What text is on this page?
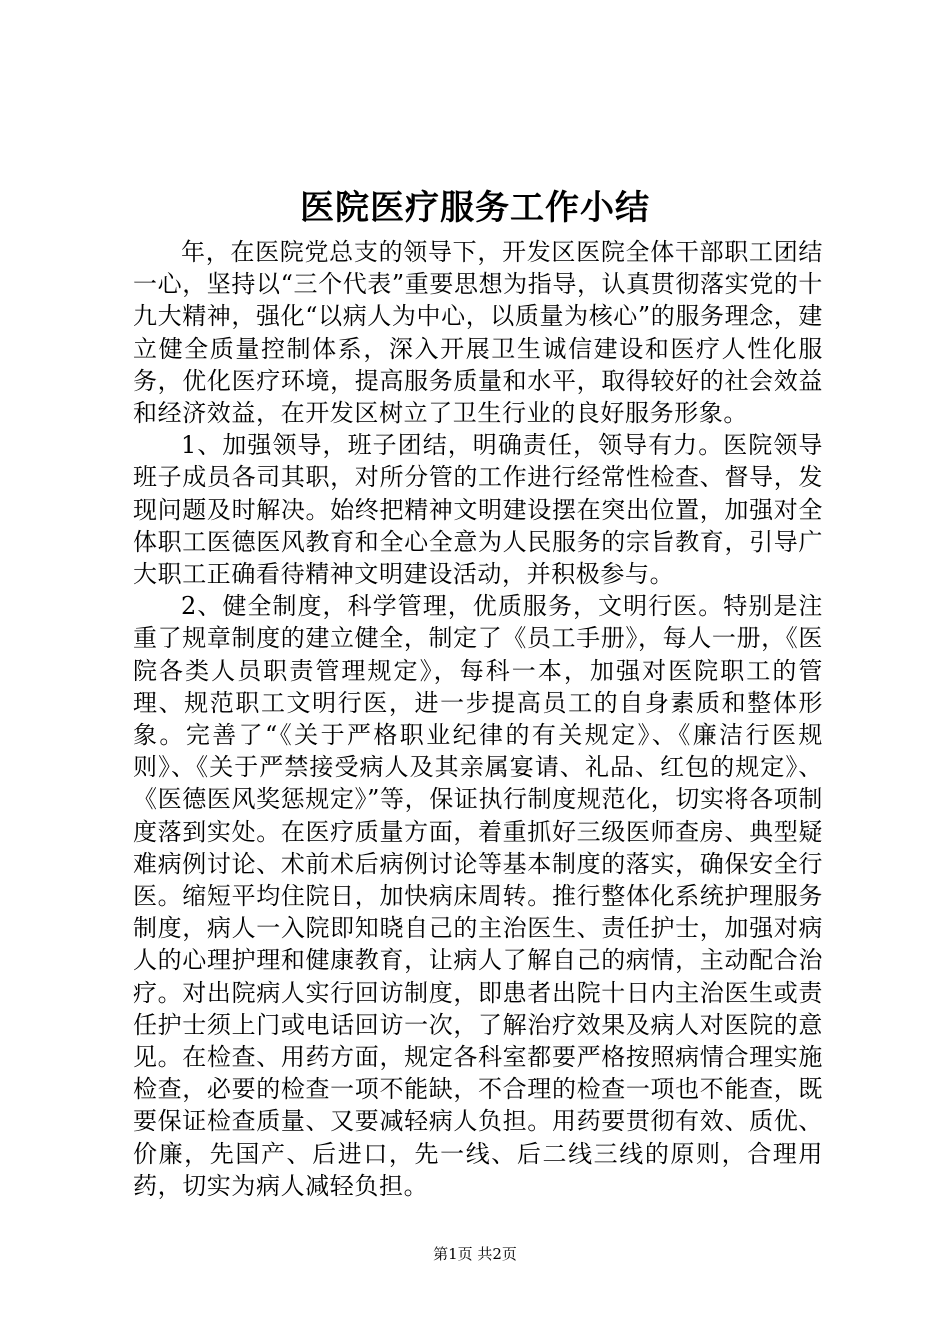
医院医疗服务工作小结

年，在医院党总支的领导下，开发区医院全体干部职工团结一心，坚持以“三个代表”重要思想为指导，认真贯彻落实党的十九大精神，强化“以病人为中心，以质量为核心”的服务理念，建立健全质量控制体系，深入开展卫生诚信建设和医疗人性化服务，优化医疗环境，提高服务质量和水平，取得较好的社会效益和经济效益，在开发区树立了卫生行业的良好服务形象。

1、加强领导，班子团结，明确责任，领导有力。医院领导班子成员各司其职，对所分管的工作进行经常性检查、督导，发现问题及时解决。始终把精神文明建设摆在突出位置，加强对全体职工医德医风教育和全心全意为人民服务的宗旨教育，引导广大职工正确看待精神文明建设活动，并积极参与。

2、健全制度，科学管理，优质服务，文明行医。特别是注重了规章制度的建立健全，制定了《员工手册》，每人一册，《医院各类人员职责管理规定》，每科一本，加强对医院职工的管理、规范职工文明行医，进一步提高员工的自身素质和整体形象。完善了“《关于严格职业纪律的有关规定》、《廉洁行医规则》、《关于严禁接受病人及其亲属宴请、礼品、红包的规定》、《医德医风奖惩规定》”等，保证执行制度规范化，切实将各项制度落到实处。在医疗质量方面，着重抓好三级医师查房、典型疑难病例讨论、术前术后病例讨论等基本制度的落实，确保安全行医。缩短平均住院日，加快病床周转。推行整体化系统护理服务制度，病人一入院即知晓自己的主治医生、责任护士，加强对病人的心理护理和健康教育，让病人了解自己的病情，主动配合治疗。对出院病人实行回访制度，即患者出院十日内主治医生或责任护士须上门或电话回访一次，了解治疗效果及病人对医院的意见。在检查、用药方面，规定各科室都要严格按照病情合理实施检查，必要的检查一项不能缺，不合理的检查一项也不能查，既要保证检查质量、又要减轻病人负担。用药要贯彻有效、质优、价廉，先国产、后进口，先一线、后二线三线的原则，合理用药，切实为病人减轻负担。

第1页 共2页
